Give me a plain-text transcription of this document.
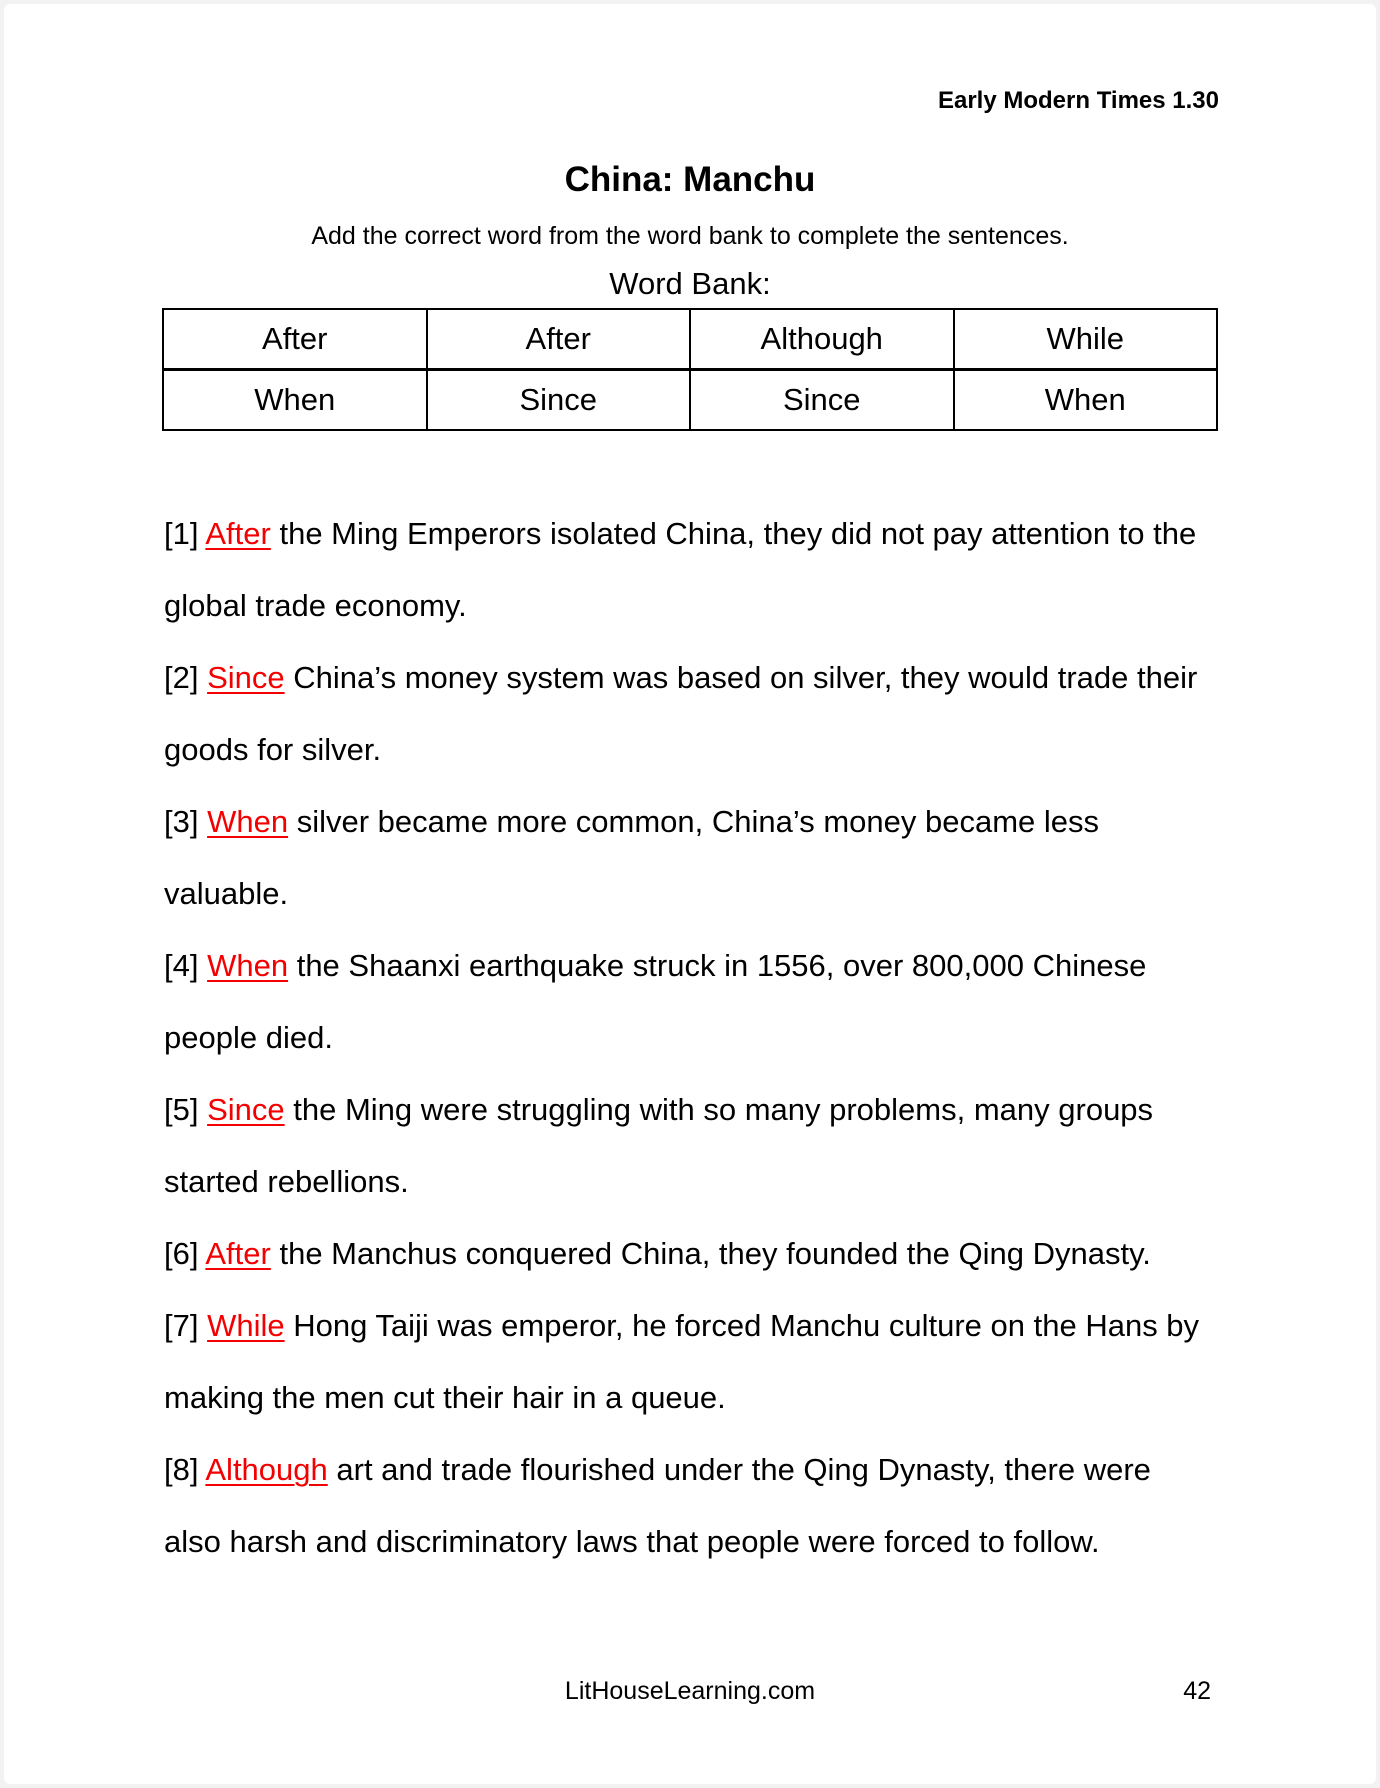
Early Modern Times 1.30
China: Manchu
Add the correct word from the word bank to complete the sentences.
Word Bank:
After	After	Although	While
When	Since	Since	When

[1] After the Ming Emperors isolated China, they did not pay attention to the global trade economy.

[2] Since China’s money system was based on silver, they would trade their goods for silver.

[3] When silver became more common, China’s money became less valuable.

[4] When the Shaanxi earthquake struck in 1556, over 800,000 Chinese people died.

[5] Since the Ming were struggling with so many problems, many groups started rebellions.

[6] After the Manchus conquered China, they founded the Qing Dynasty.

[7] While Hong Taiji was emperor, he forced Manchu culture on the Hans by making the men cut their hair in a queue.

[8] Although art and trade flourished under the Qing Dynasty, there were also harsh and discriminatory laws that people were forced to follow.

LitHouseLearning.com	42
